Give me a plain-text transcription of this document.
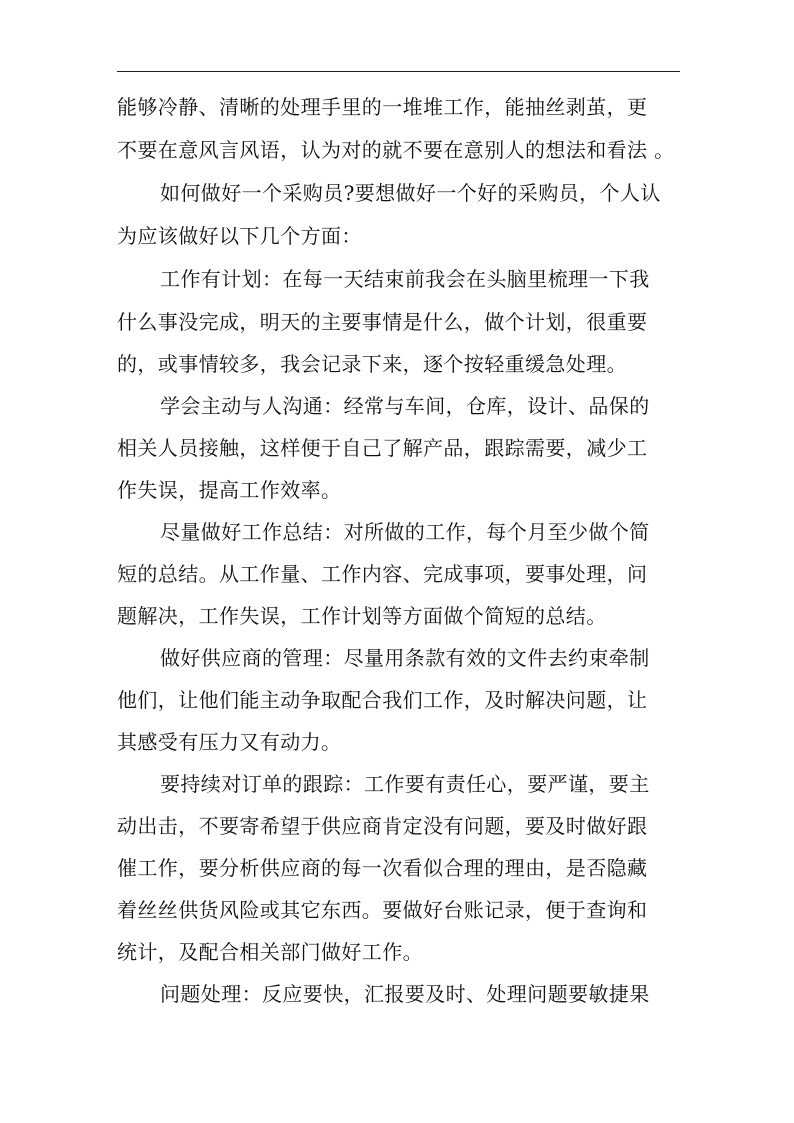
能够冷静、清晰的处理手里的一堆堆工作，能抽丝剥茧，更
不要在意风言风语，认为对的就不要在意别人的想法和看法 。
如何做好一个采购员?要想做好一个好的采购员，个人认
为应该做好以下几个方面：
工作有计划：在每一天结束前我会在头脑里梳理一下我
什么事没完成，明天的主要事情是什么，做个计划，很重要
的，或事情较多，我会记录下来，逐个按轻重缓急处理。
学会主动与人沟通：经常与车间，仓库，设计、品保的
相关人员接触，这样便于自己了解产品，跟踪需要，减少工
作失误，提高工作效率。
尽量做好工作总结：对所做的工作，每个月至少做个简
短的总结。从工作量、工作内容、完成事项，要事处理，问
题解决，工作失误，工作计划等方面做个简短的总结。
做好供应商的管理：尽量用条款有效的文件去约束牵制
他们，让他们能主动争取配合我们工作，及时解决问题，让
其感受有压力又有动力。
要持续对订单的跟踪：工作要有责任心，要严谨，要主
动出击，不要寄希望于供应商肯定没有问题，要及时做好跟
催工作，要分析供应商的每一次看似合理的理由，是否隐藏
着丝丝供货风险或其它东西。要做好台账记录，便于查询和
统计，及配合相关部门做好工作。
问题处理：反应要快，汇报要及时、处理问题要敏捷果
